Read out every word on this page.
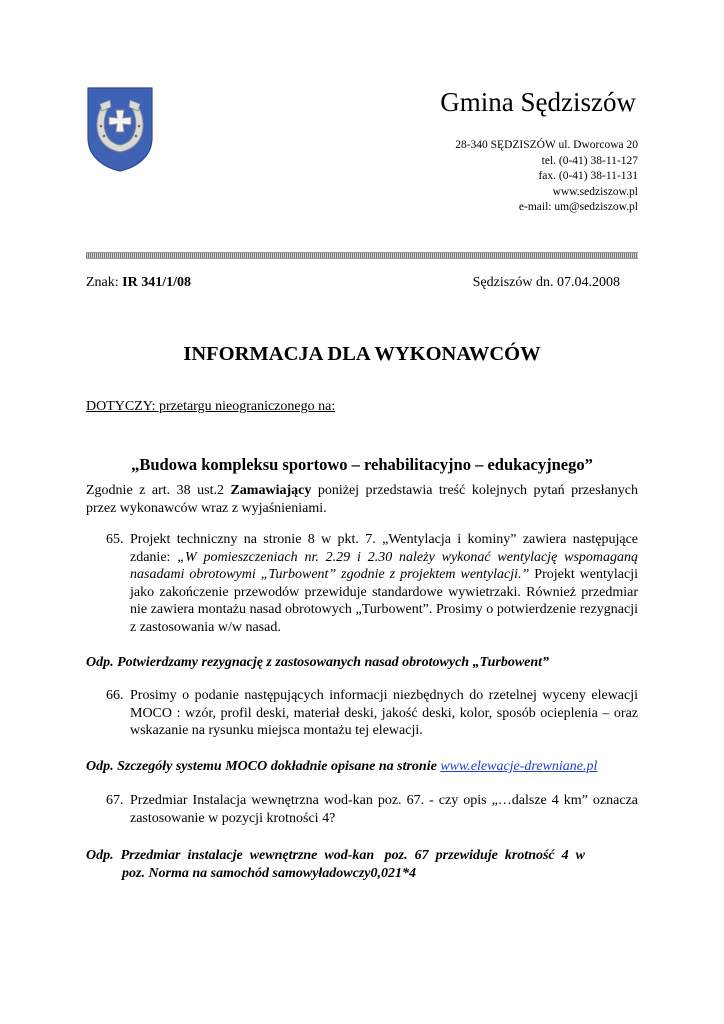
Gmina Sędziszów
28-340 SĘDZISZÓW ul. Dworcowa 20
tel. (0-41) 38-11-127
fax. (0-41) 38-11-131
www.sedziszow.pl
e-mail: um@sedziszow.pl
Znak: IR 341/1/08	Sędziszów dn. 07.04.2008
INFORMACJA DLA WYKONAWCÓW
DOTYCZY: przetargu nieograniczonego na:
„Budowa kompleksu sportowo – rehabilitacyjno – edukacyjnego”
Zgodnie z art. 38 ust.2 Zamawiający poniżej przedstawia treść kolejnych pytań przesłanych przez wykonawców wraz z wyjaśnieniami.
65. Projekt techniczny na stronie 8 w pkt. 7. „Wentylacja i kominy” zawiera następujące zdanie: „W pomieszczeniach nr. 2.29 i 2.30 należy wykonać wentylację wspomaganą nasadami obrotowymi „Turbowent” zgodnie z projektem wentylacji.” Projekt wentylacji jako zakończenie przewodów przewiduje standardowe wywietrzaki. Również przedmiar nie zawiera montażu nasad obrotowych „Turbowent”. Prosimy o potwierdzenie rezygnacji z zastosowania w/w nasad.
Odp. Potwierdzamy rezygnację z zastosowanych nasad obrotowych „Turbowent”
66. Prosimy o podanie następujących informacji niezbędnych do rzetelnej wyceny elewacji MOCO : wzór, profil deski, materiał deski, jakość deski, kolor, sposób ocieplenia – oraz wskazanie na rysunku miejsca montażu tej elewacji.
Odp. Szczegóły systemu MOCO dokładnie opisane na stronie www.elewacje-drewniane.pl
67. Przedmiar Instalacja wewnętrzna wod-kan poz. 67. - czy opis „…dalsze 4 km” oznacza zastosowanie w pozycji krotności 4?
Odp.  Przedmiar  instalacje  wewnętrzne  wod-kan   poz.  67  przewiduje  krotność  4  w
poz. Norma na samochód samowyładowczy0,021*4
